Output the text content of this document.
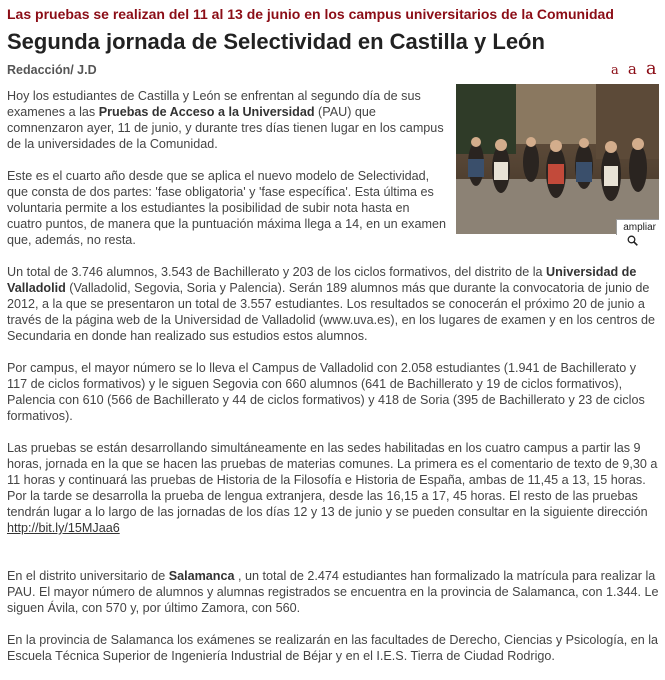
Las pruebas se realizan del 11 al 13 de junio en los campus universitarios de la Comunidad
Segunda jornada de Selectividad en Castilla y León
Redacción/ J.D	a a a
ampliar

Hoy los estudiantes de Castilla y León se enfrentan al segundo día de sus examenes a las Pruebas de Acceso a la Universidad (PAU) que comnenzaron ayer, 11 de junio, y durante tres días tienen lugar en los campus de la universidades de la Comunidad.

Este es el cuarto año desde que se aplica el nuevo modelo de Selectividad, que consta de dos partes: 'fase obligatoria' y 'fase específica'. Esta última es voluntaria permite a los estudiantes la posibilidad de subir nota hasta en cuatro puntos, de manera que la puntuación máxima llega a 14, en un examen que, además, no resta.

Un total de 3.746 alumnos, 3.543 de Bachillerato y 203 de los ciclos formativos, del distrito de la Universidad de Valladolid (Valladolid, Segovia, Soria y Palencia). Serán 189 alumnos más que durante la convocatoria de junio de 2012, a la que se presentaron un total de 3.557 estudiantes. Los resultados se conocerán el próximo 20 de junio a través de la página web de la Universidad de Valladolid (www.uva.es), en los lugares de examen y en los centros de Secundaria en donde han realizado sus estudios estos alumnos.

Por campus, el mayor número se lo lleva el Campus de Valladolid con 2.058 estudiantes (1.941 de Bachillerato y 117 de ciclos formativos) y le siguen Segovia con 660 alumnos (641 de Bachillerato y 19 de ciclos formativos), Palencia con 610 (566 de Bachillerato y 44 de ciclos formativos) y 418 de Soria (395 de Bachillerato y 23 de ciclos formativos).

Las pruebas se están desarrollando simultáneamente en las sedes habilitadas en los cuatro campus a partir las 9 horas, jornada en la que se hacen las pruebas de materias comunes. La primera es el comentario de texto de 9,30 a 11 horas y continuará las pruebas de Historia de la Filosofía e Historia de España, ambas de 11,45 a 13, 15 horas. Por la tarde se desarrolla la prueba de lengua extranjera, desde las 16,15 a 17, 45 horas. El resto de las pruebas tendrán lugar a lo largo de las jornadas de los días 12 y 13 de junio y se pueden consultar en la siguiente dirección http://bit.ly/15MJaa6

En el distrito universitario de Salamanca , un total de 2.474 estudiantes han formalizado la matrícula para realizar la PAU. El mayor número de alumnos y alumnas registrados se encuentra en la provincia de Salamanca, con 1.344. Le siguen Ávila, con 570 y, por último Zamora, con 560.

En la provincia de Salamanca los exámenes se realizarán en las facultades de Derecho, Ciencias y Psicología, en la Escuela Técnica Superior de Ingeniería Industrial de Béjar y en el I.E.S. Tierra de Ciudad Rodrigo.
